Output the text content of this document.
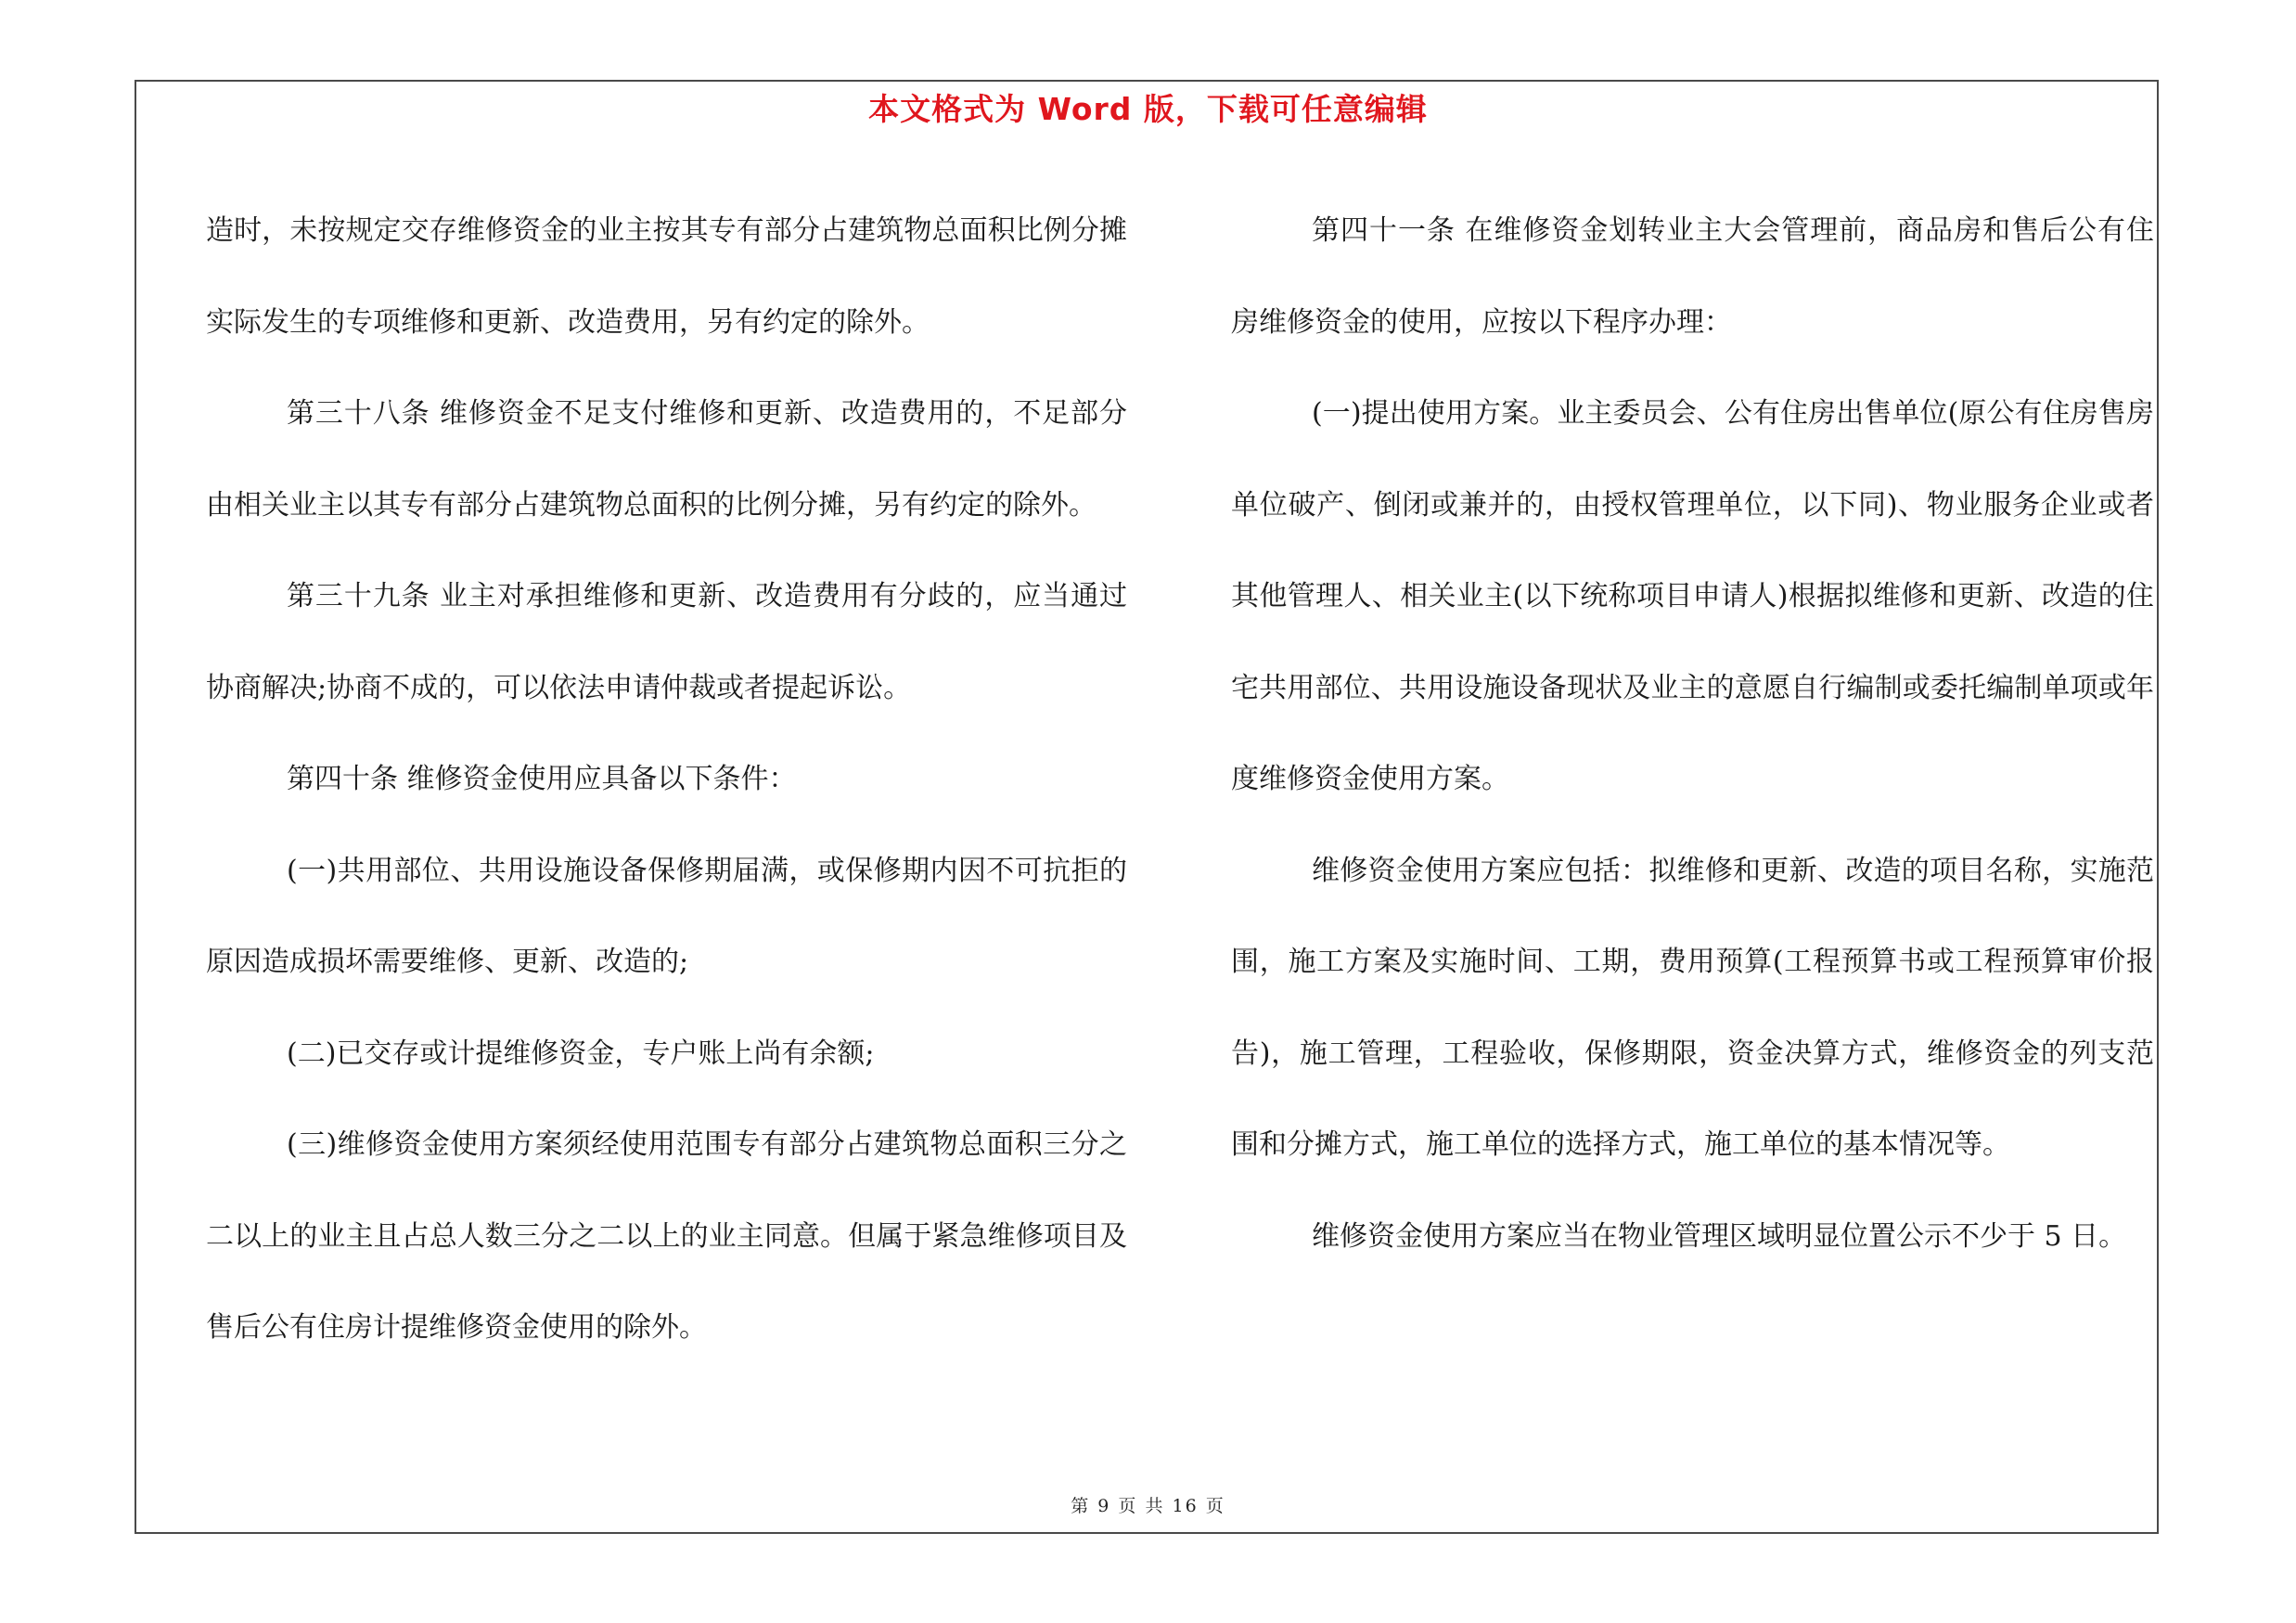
本文格式为 Word 版，下载可任意编辑

造时，未按规定交存维修资金的业主按其专有部分占建筑物总面积比例分摊实际发生的专项维修和更新、改造费用，另有约定的除外。

第三十八条 维修资金不足支付维修和更新、改造费用的，不足部分由相关业主以其专有部分占建筑物总面积的比例分摊，另有约定的除外。

第三十九条 业主对承担维修和更新、改造费用有分歧的，应当通过协商解决;协商不成的，可以依法申请仲裁或者提起诉讼。

第四十条 维修资金使用应具备以下条件：

(一)共用部位、共用设施设备保修期届满，或保修期内因不可抗拒的原因造成损坏需要维修、更新、改造的;

(二)已交存或计提维修资金，专户账上尚有余额;

(三)维修资金使用方案须经使用范围专有部分占建筑物总面积三分之二以上的业主且占总人数三分之二以上的业主同意。但属于紧急维修项目及售后公有住房计提维修资金使用的除外。

第四十一条 在维修资金划转业主大会管理前，商品房和售后公有住房维修资金的使用，应按以下程序办理：

(一)提出使用方案。业主委员会、公有住房出售单位(原公有住房售房单位破产、倒闭或兼并的，由授权管理单位，以下同)、物业服务企业或者其他管理人、相关业主(以下统称项目申请人)根据拟维修和更新、改造的住宅共用部位、共用设施设备现状及业主的意愿自行编制或委托编制单项或年度维修资金使用方案。

维修资金使用方案应包括：拟维修和更新、改造的项目名称，实施范围，施工方案及实施时间、工期，费用预算(工程预算书或工程预算审价报告)，施工管理，工程验收，保修期限，资金决算方式，维修资金的列支范围和分摊方式，施工单位的选择方式，施工单位的基本情况等。

维修资金使用方案应当在物业管理区域明显位置公示不少于 5 日。

第 9 页 共 16 页
